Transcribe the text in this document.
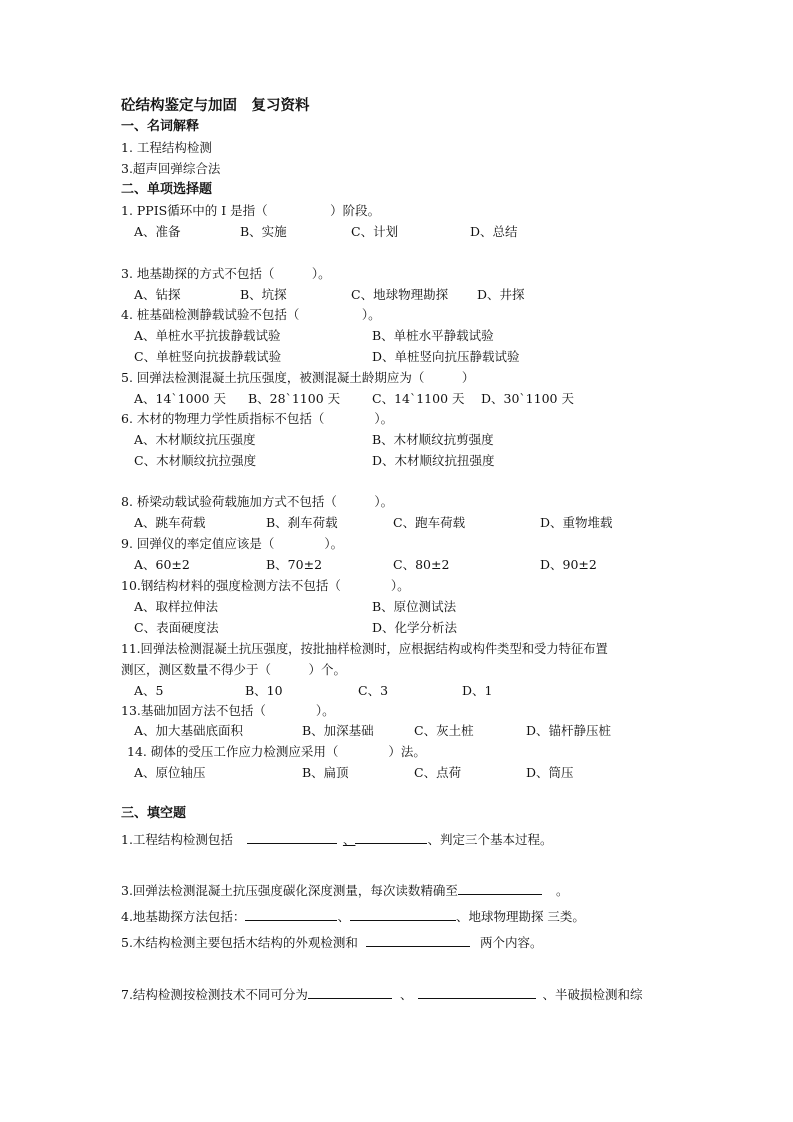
砼结构鉴定与加固　复习资料
一、名词解释
1. 工程结构检测
3.超声回弹综合法
二、单项选择题
1. PPIS循环中的 I 是指（　　　　　）阶段。
A、准备	B、实施	C、计划	D、总结
3. 地基勘探的方式不包括（　　　）。
A、钻探	B、坑探	C、地球物理勘探 D、井探
4. 桩基础检测静载试验不包括（　　　　　）。
A、单桩水平抗拔静载试验	B、单桩水平静载试验
C、单桩竖向抗拔静载试验	D、单桩竖向抗压静载试验
5. 回弹法检测混凝土抗压强度，被测混凝土龄期应为（　　　）
A、14`1000 天 B、28`1100 天	C、14`1100 天 D、30`1100 天
6. 木材的物理力学性质指标不包括（　　　　）。
A、木材顺纹抗压强度	B、木材顺纹抗剪强度
C、木材顺纹抗拉强度	D、木材顺纹抗扭强度
8. 桥梁动载试验荷载施加方式不包括（　　　）。
A、跳车荷载	B、刹车荷载	C、跑车荷载	D、重物堆载
9. 回弹仪的率定值应该是（　　　　）。
A、60±2	B、70±2	C、80±2	D、90±2
10.钢结构材料的强度检测方法不包括（　　　　）。
A、取样拉伸法	B、原位测试法
C、表面硬度法	D、化学分析法
11.回弹法检测混凝土抗压强度，按批抽样检测时，应根据结构或构件类型和受力特征布置
测区，测区数量不得少于（　　　）个。
A、5	B、10	C、3	D、1
13.基础加固方法不包括（　　　　）。
A、加大基础底面积	B、加深基础	C、灰土桩	D、锚杆静压桩
14. 砌体的受压工作应力检测应采用（　　　　）法。
A、原位轴压	B、扁顶	C、点荷	D、筒压
三、填空题
1.工程结构检测包括	、	、判定三个基本过程。
3.回弹法检测混凝土抗压强度碳化深度测量，每次读数精确至	。
4.地基勘探方法包括：	、	、地球物理勘探 三类。
5.木结构检测主要包括木结构的外观检测和	两个内容。
7.结构检测按检测技术不同可分为	、	、半破损检测和综
